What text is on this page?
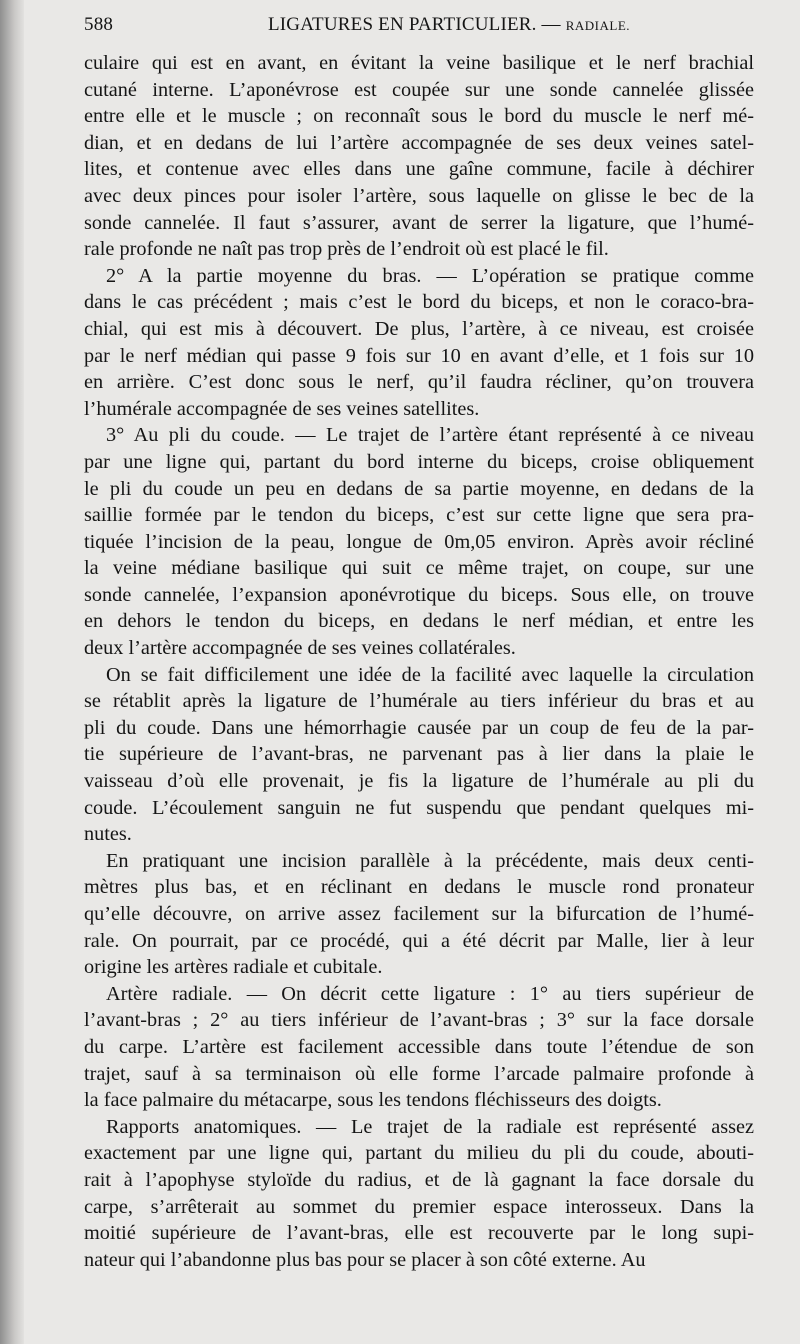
588	LIGATURES EN PARTICULIER. — RADIALE.

culaire qui est en avant, en évitant la veine basilique et le nerf brachial
cutané interne. L’aponévrose est coupée sur une sonde cannelée glissée
entre elle et le muscle ; on reconnaît sous le bord du muscle le nerf mé-
dian, et en dedans de lui l’artère accompagnée de ses deux veines satel-
lites, et contenue avec elles dans une gaîne commune, facile à déchirer
avec deux pinces pour isoler l’artère, sous laquelle on glisse le bec de la
sonde cannelée. Il faut s’assurer, avant de serrer la ligature, que l’humé-
rale profonde ne naît pas trop près de l’endroit où est placé le fil.

2° A la partie moyenne du bras. — L’opération se pratique comme
dans le cas précédent ; mais c’est le bord du biceps, et non le coraco-bra-
chial, qui est mis à découvert. De plus, l’artère, à ce niveau, est croisée
par le nerf médian qui passe 9 fois sur 10 en avant d’elle, et 1 fois sur 10
en arrière. C’est donc sous le nerf, qu’il faudra récliner, qu’on trouvera
l’humérale accompagnée de ses veines satellites.

3° Au pli du coude. — Le trajet de l’artère étant représenté à ce niveau
par une ligne qui, partant du bord interne du biceps, croise obliquement
le pli du coude un peu en dedans de sa partie moyenne, en dedans de la
saillie formée par le tendon du biceps, c’est sur cette ligne que sera pra-
tiquée l’incision de la peau, longue de 0m,05 environ. Après avoir récliné
la veine médiane basilique qui suit ce même trajet, on coupe, sur une
sonde cannelée, l’expansion aponévrotique du biceps. Sous elle, on trouve
en dehors le tendon du biceps, en dedans le nerf médian, et entre les
deux l’artère accompagnée de ses veines collatérales.

On se fait difficilement une idée de la facilité avec laquelle la circulation
se rétablit après la ligature de l’humérale au tiers inférieur du bras et au
pli du coude. Dans une hémorrhagie causée par un coup de feu de la par-
tie supérieure de l’avant-bras, ne parvenant pas à lier dans la plaie le
vaisseau d’où elle provenait, je fis la ligature de l’humérale au pli du
coude. L’écoulement sanguin ne fut suspendu que pendant quelques mi-
nutes.

En pratiquant une incision parallèle à la précédente, mais deux centi-
mètres plus bas, et en réclinant en dedans le muscle rond pronateur
qu’elle découvre, on arrive assez facilement sur la bifurcation de l’humé-
rale. On pourrait, par ce procédé, qui a été décrit par Malle, lier à leur
origine les artères radiale et cubitale.

Artère radiale. — On décrit cette ligature : 1° au tiers supérieur de
l’avant-bras ; 2° au tiers inférieur de l’avant-bras ; 3° sur la face dorsale
du carpe. L’artère est facilement accessible dans toute l’étendue de son
trajet, sauf à sa terminaison où elle forme l’arcade palmaire profonde à
la face palmaire du métacarpe, sous les tendons fléchisseurs des doigts.

Rapports anatomiques. — Le trajet de la radiale est représenté assez
exactement par une ligne qui, partant du milieu du pli du coude, abouti-
rait à l’apophyse styloïde du radius, et de là gagnant la face dorsale du
carpe, s’arrêterait au sommet du premier espace interosseux. Dans la
moitié supérieure de l’avant-bras, elle est recouverte par le long supi-
nateur qui l’abandonne plus bas pour se placer à son côté externe. Au
